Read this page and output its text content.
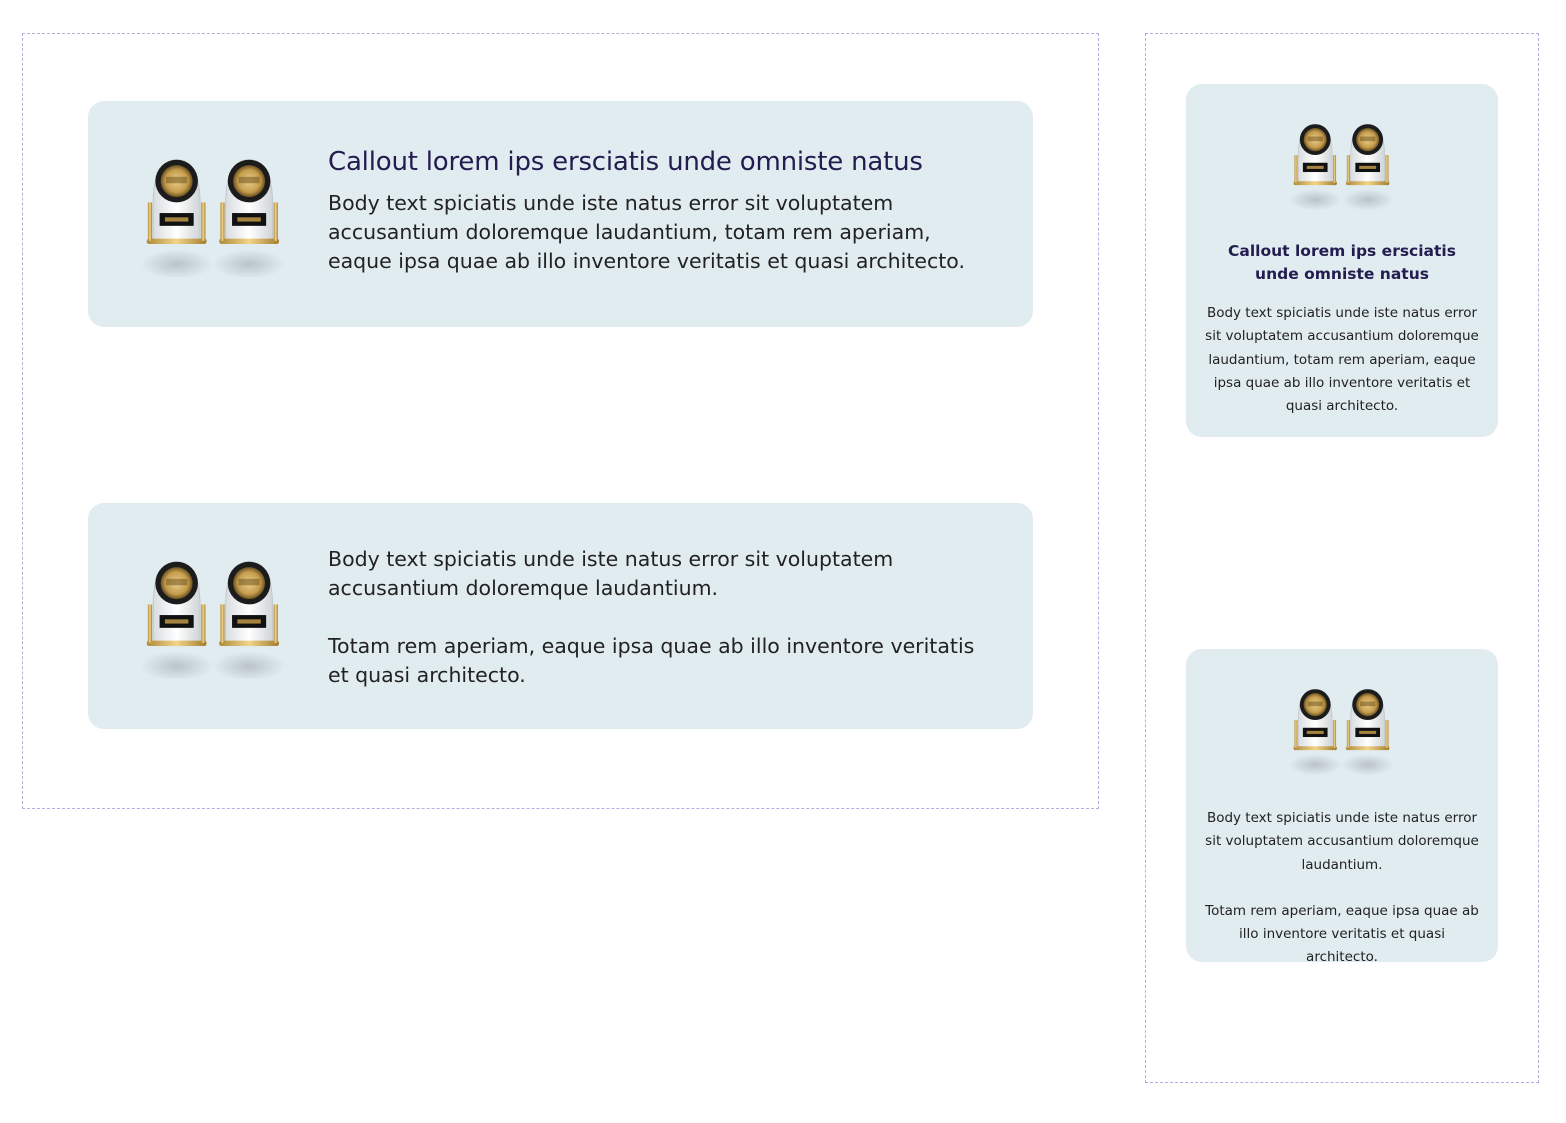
Callout lorem ips ersciatis unde omniste natus

Body text spiciatis unde iste natus error sit voluptatem accusantium doloremque laudantium, totam rem aperiam, eaque ipsa quae ab illo inventore veritatis et quasi architecto.

Body text spiciatis unde iste natus error sit voluptatem accusantium doloremque laudantium.

Totam rem aperiam, eaque ipsa quae ab illo inventore veritatis et quasi architecto.

Callout lorem ips ersciatis unde omniste natus

Body text spiciatis unde iste natus error sit voluptatem accusantium doloremque laudantium, totam rem aperiam, eaque ipsa quae ab illo inventore veritatis et quasi architecto.

Body text spiciatis unde iste natus error sit voluptatem accusantium doloremque laudantium.

Totam rem aperiam, eaque ipsa quae ab illo inventore veritatis et quasi architecto.
